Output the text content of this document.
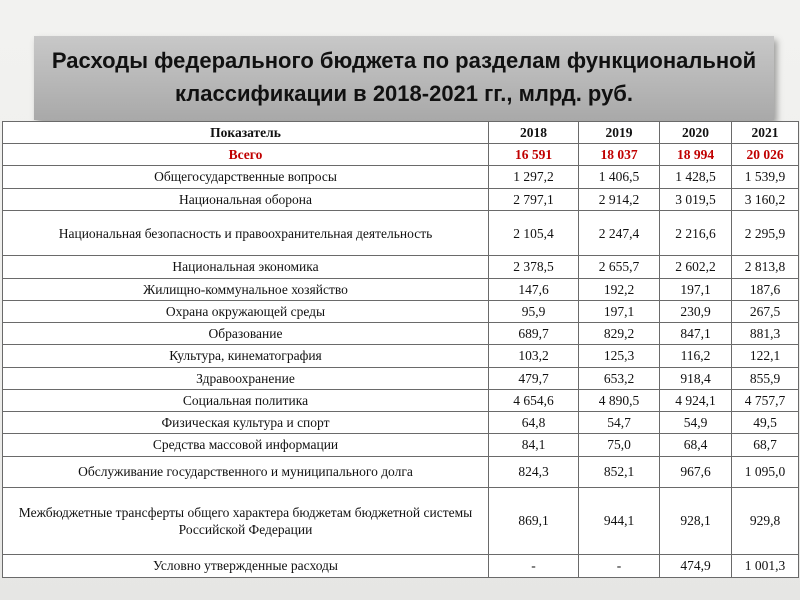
Расходы федерального бюджета по разделам функциональной
классификации в 2018-2021 гг., млрд. руб.
Показатель	2018	2019	2020	2021
Всего	16 591	18 037	18 994	20 026
Общегосударственные вопросы	1 297,2	1 406,5	1 428,5	1 539,9
Национальная оборона	2 797,1	2 914,2	3 019,5	3 160,2
Национальная безопасность и правоохранительная деятельность	2 105,4	2 247,4	2 216,6	2 295,9
Национальная экономика	2 378,5	2 655,7	2 602,2	2 813,8
Жилищно-коммунальное хозяйство	147,6	192,2	197,1	187,6
Охрана окружающей среды	95,9	197,1	230,9	267,5
Образование	689,7	829,2	847,1	881,3
Культура, кинематография	103,2	125,3	116,2	122,1
Здравоохранение	479,7	653,2	918,4	855,9
Социальная политика	4 654,6	4 890,5	4 924,1	4 757,7
Физическая культура и спорт	64,8	54,7	54,9	49,5
Средства массовой информации	84,1	75,0	68,4	68,7
Обслуживание государственного и муниципального долга	824,3	852,1	967,6	1 095,0
Межбюджетные трансферты общего характера бюджетам бюджетной системы Российской Федерации	869,1	944,1	928,1	929,8
Условно утвержденные расходы	-	-	474,9	1 001,3
